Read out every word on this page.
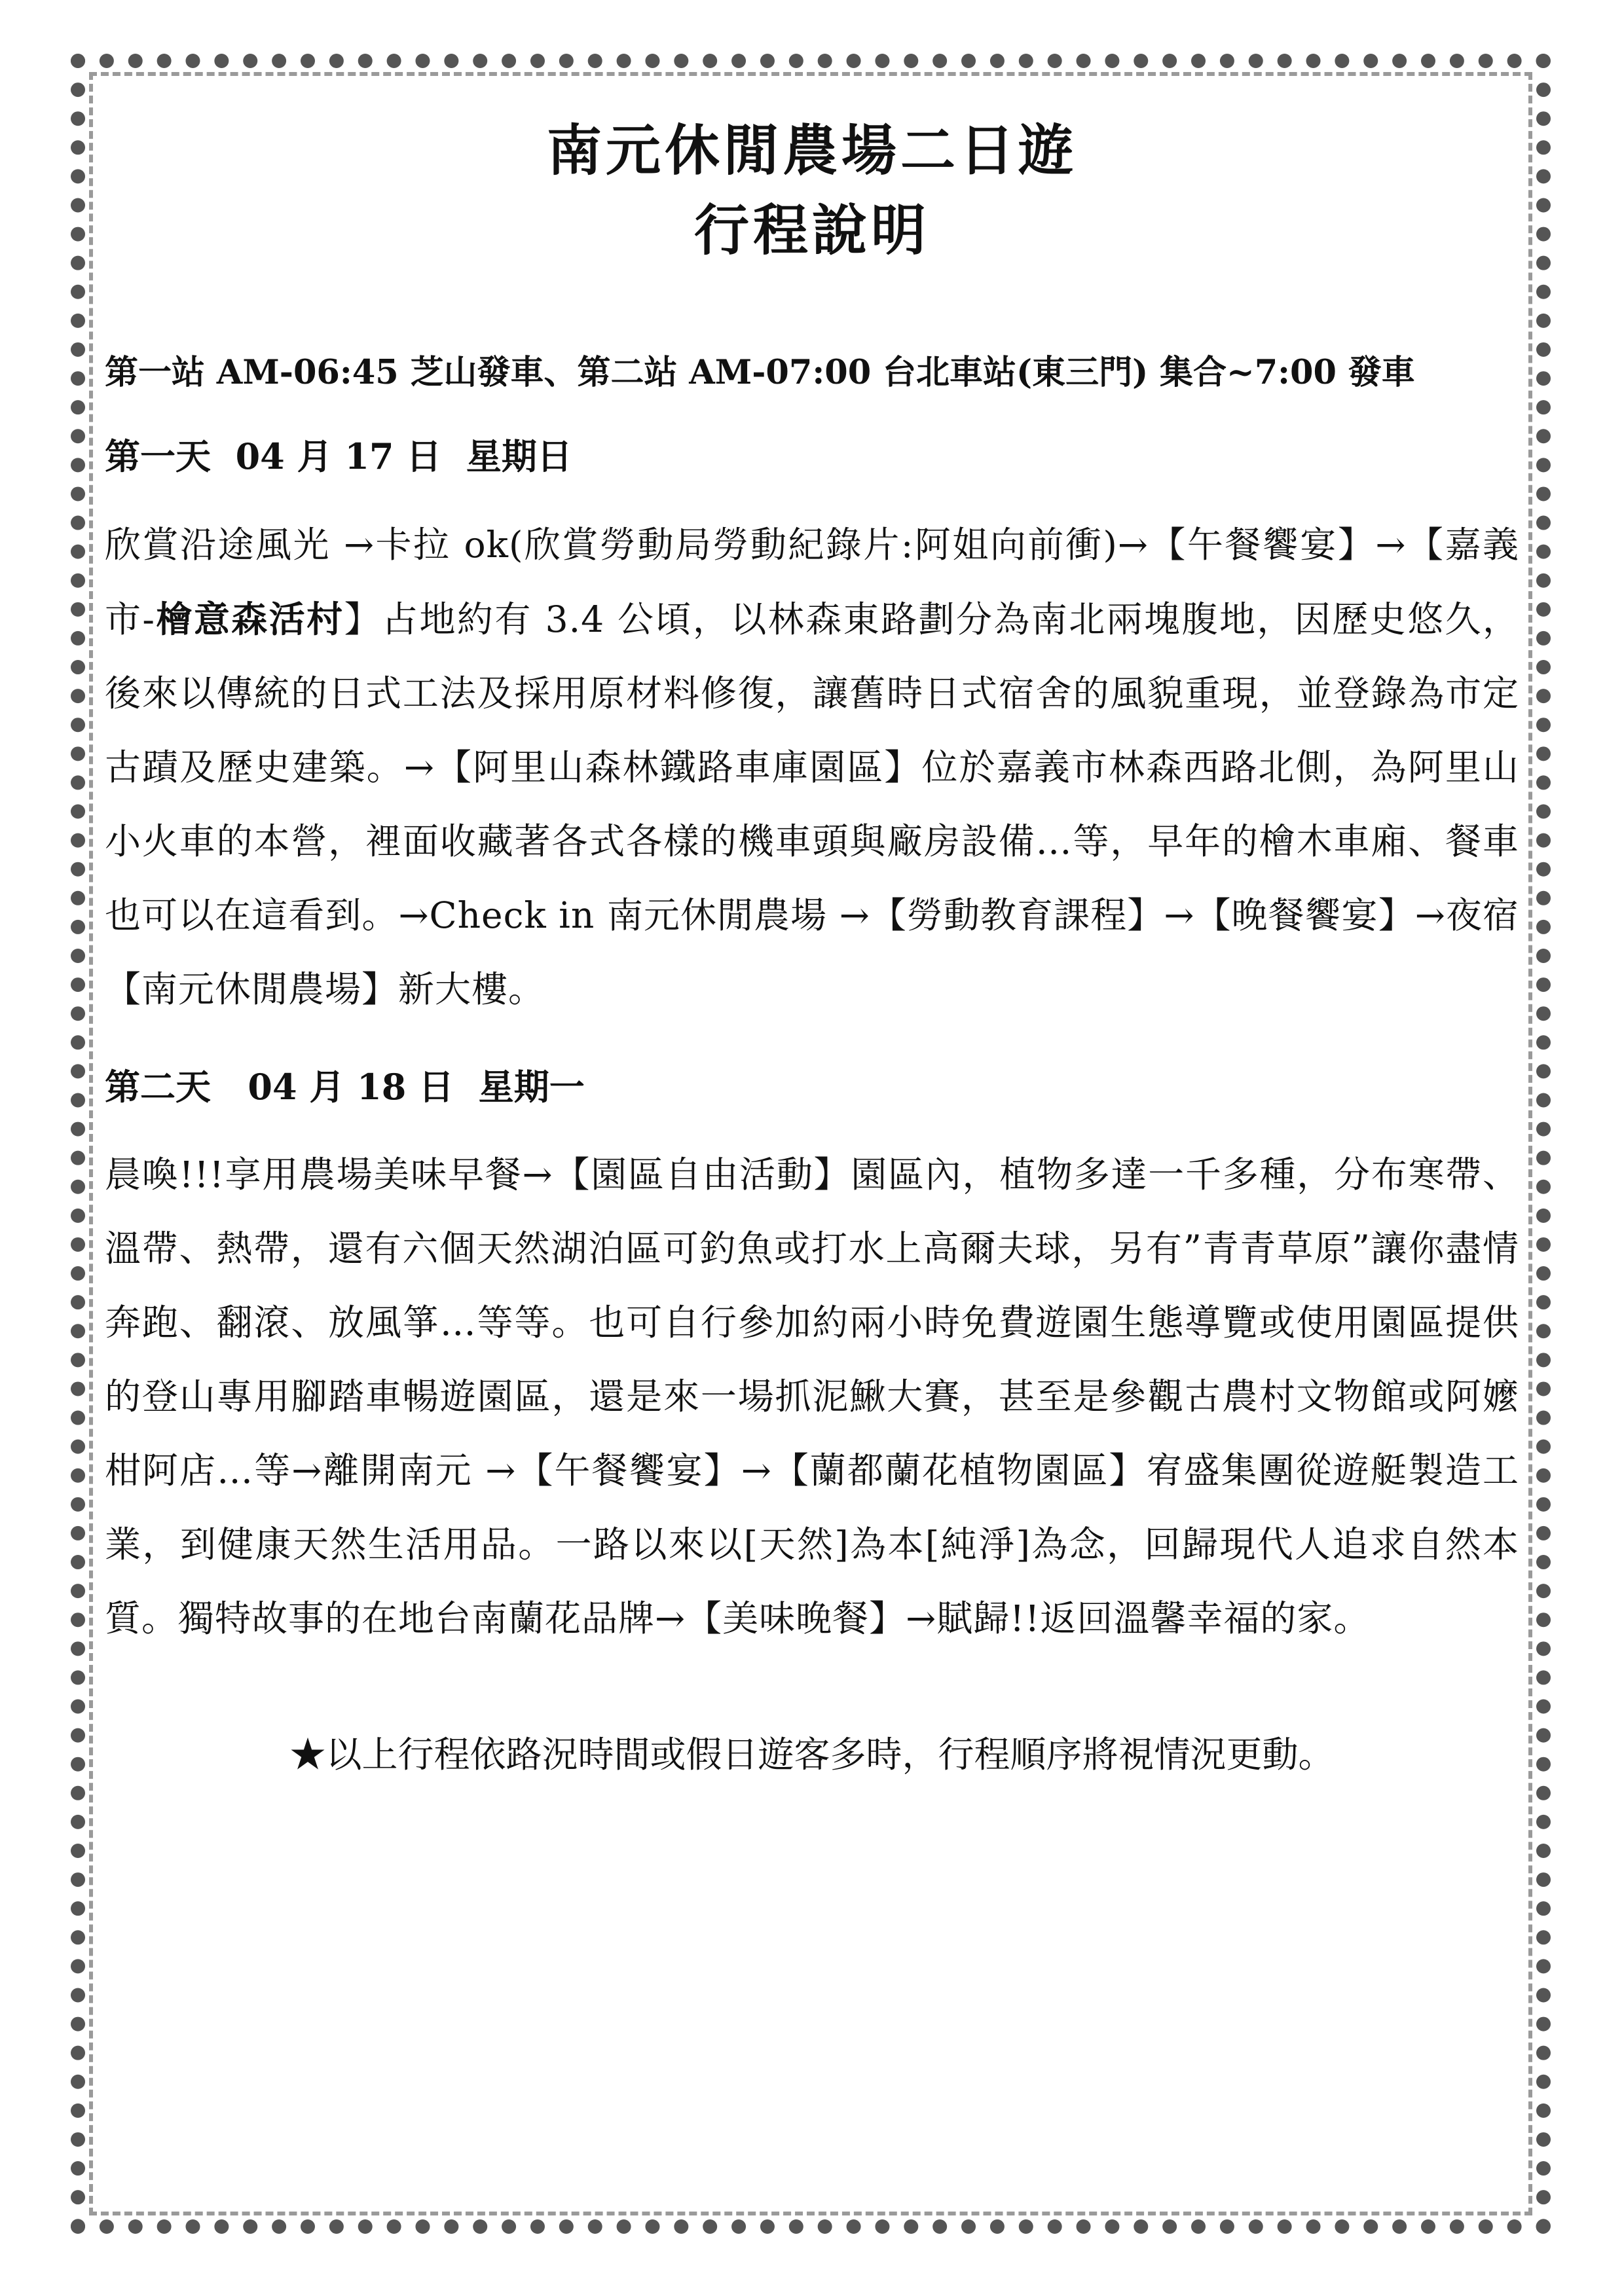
南元休閒農場二日遊
行程說明
第一站 AM-06:45 芝山發車、第二站 AM-07:00 台北車站(東三門) 集合~7:00 發車
第一天  04 月 17 日  星期日
欣賞沿途風光 →卡拉 ok(欣賞勞動局勞動紀錄片:阿姐向前衝)→【午餐饗宴】→【嘉義市-檜意森活村】占地約有 3.4 公頃，以林森東路劃分為南北兩塊腹地，因歷史悠久，後來以傳統的日式工法及採用原材料修復，讓舊時日式宿舍的風貌重現，並登錄為市定古蹟及歷史建築。→【阿里山森林鐵路車庫園區】位於嘉義市林森西路北側，為阿里山小火車的本營，裡面收藏著各式各樣的機車頭與廠房設備…等，早年的檜木車廂、餐車也可以在這看到。→Check in 南元休閒農場 →【勞動教育課程】→【晚餐饗宴】→夜宿【南元休閒農場】新大樓。
第二天   04 月 18 日  星期一
晨喚!!!享用農場美味早餐→【園區自由活動】園區內，植物多達一千多種，分布寒帶、溫帶、熱帶，還有六個天然湖泊區可釣魚或打水上高爾夫球，另有”青青草原”讓你盡情奔跑、翻滾、放風箏…等等。也可自行參加約兩小時免費遊園生態導覽或使用園區提供的登山專用腳踏車暢遊園區，還是來一場抓泥鰍大賽，甚至是參觀古農村文物館或阿嬤柑阿店…等→離開南元 →【午餐饗宴】→【蘭都蘭花植物園區】宥盛集團從遊艇製造工業，到健康天然生活用品。一路以來以[天然]為本[純淨]為念，回歸現代人追求自然本質。獨特故事的在地台南蘭花品牌→【美味晚餐】→賦歸!!返回溫馨幸福的家。
★以上行程依路況時間或假日遊客多時，行程順序將視情況更動。
